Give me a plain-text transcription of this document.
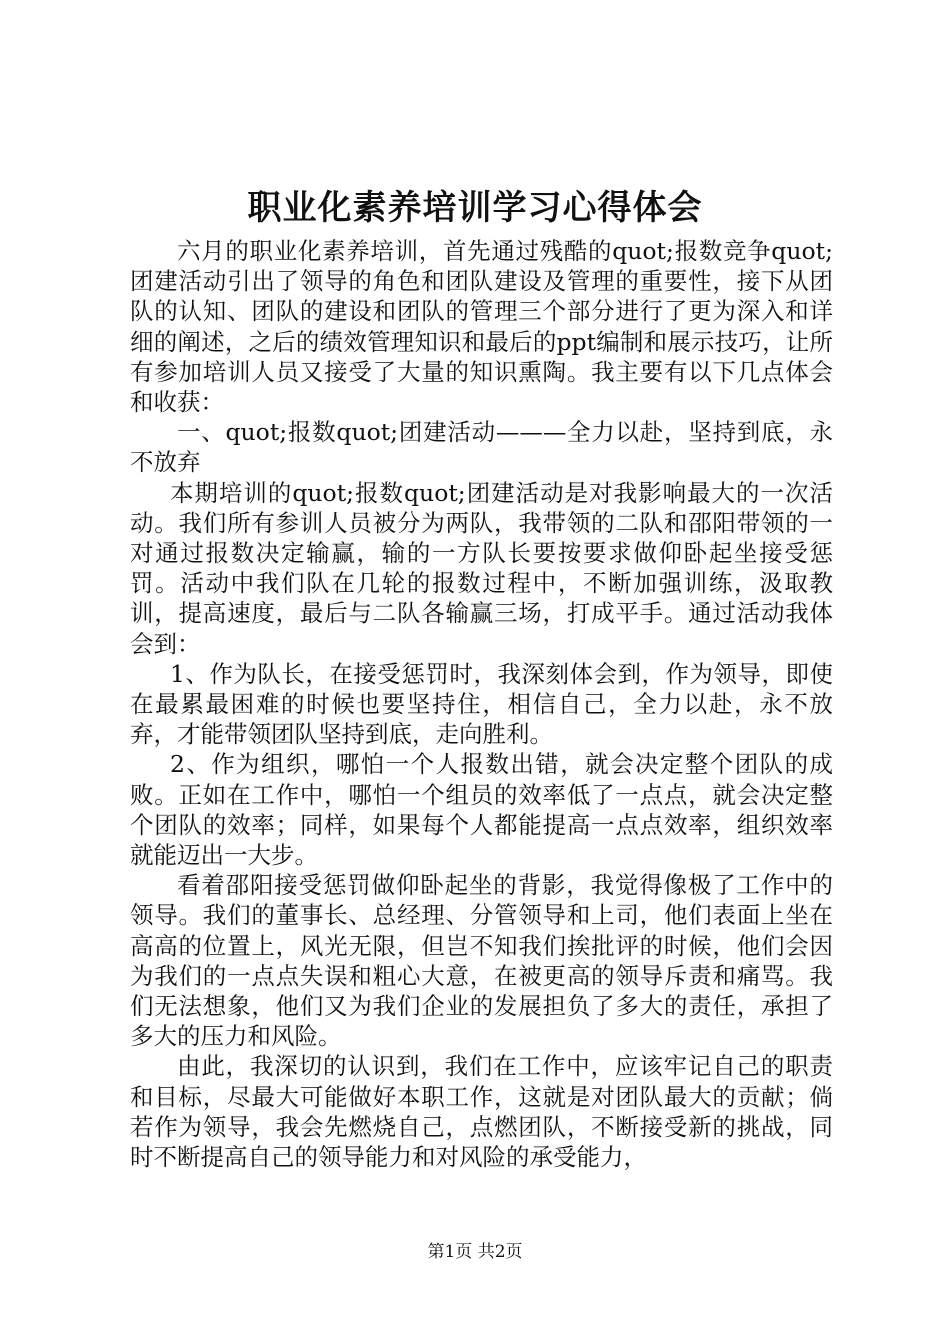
职业化素养培训学习心得体会

六月的职业化素养培训，首先通过残酷的quot;报数竞争quot;团建活动引出了领导的角色和团队建设及管理的重要性，接下从团队的认知、团队的建设和团队的管理三个部分进行了更为深入和详细的阐述，之后的绩效管理知识和最后的ppt编制和展示技巧，让所有参加培训人员又接受了大量的知识熏陶。我主要有以下几点体会和收获：

一、quot;报数quot;团建活动———全力以赴，坚持到底，永不放弃

本期培训的quot;报数quot;团建活动是对我影响最大的一次活动。我们所有参训人员被分为两队，我带领的二队和邵阳带领的一对通过报数决定输赢，输的一方队长要按要求做仰卧起坐接受惩罚。活动中我们队在几轮的报数过程中，不断加强训练，汲取教训，提高速度，最后与二队各输赢三场，打成平手。通过活动我体会到：

1、作为队长，在接受惩罚时，我深刻体会到，作为领导，即使在最累最困难的时候也要坚持住，相信自己，全力以赴，永不放弃，才能带领团队坚持到底，走向胜利。

2、作为组织，哪怕一个人报数出错，就会决定整个团队的成败。正如在工作中，哪怕一个组员的效率低了一点点，就会决定整个团队的效率；同样，如果每个人都能提高一点点效率，组织效率就能迈出一大步。

看着邵阳接受惩罚做仰卧起坐的背影，我觉得像极了工作中的领导。我们的董事长、总经理、分管领导和上司，他们表面上坐在高高的位置上，风光无限，但岂不知我们挨批评的时候，他们会因为我们的一点点失误和粗心大意，在被更高的领导斥责和痛骂。我们无法想象，他们又为我们企业的发展担负了多大的责任，承担了多大的压力和风险。

由此，我深切的认识到，我们在工作中，应该牢记自己的职责和目标，尽最大可能做好本职工作，这就是对团队最大的贡献；倘若作为领导，我会先燃烧自己，点燃团队，不断接受新的挑战，同时不断提高自己的领导能力和对风险的承受能力，

第1页 共2页
